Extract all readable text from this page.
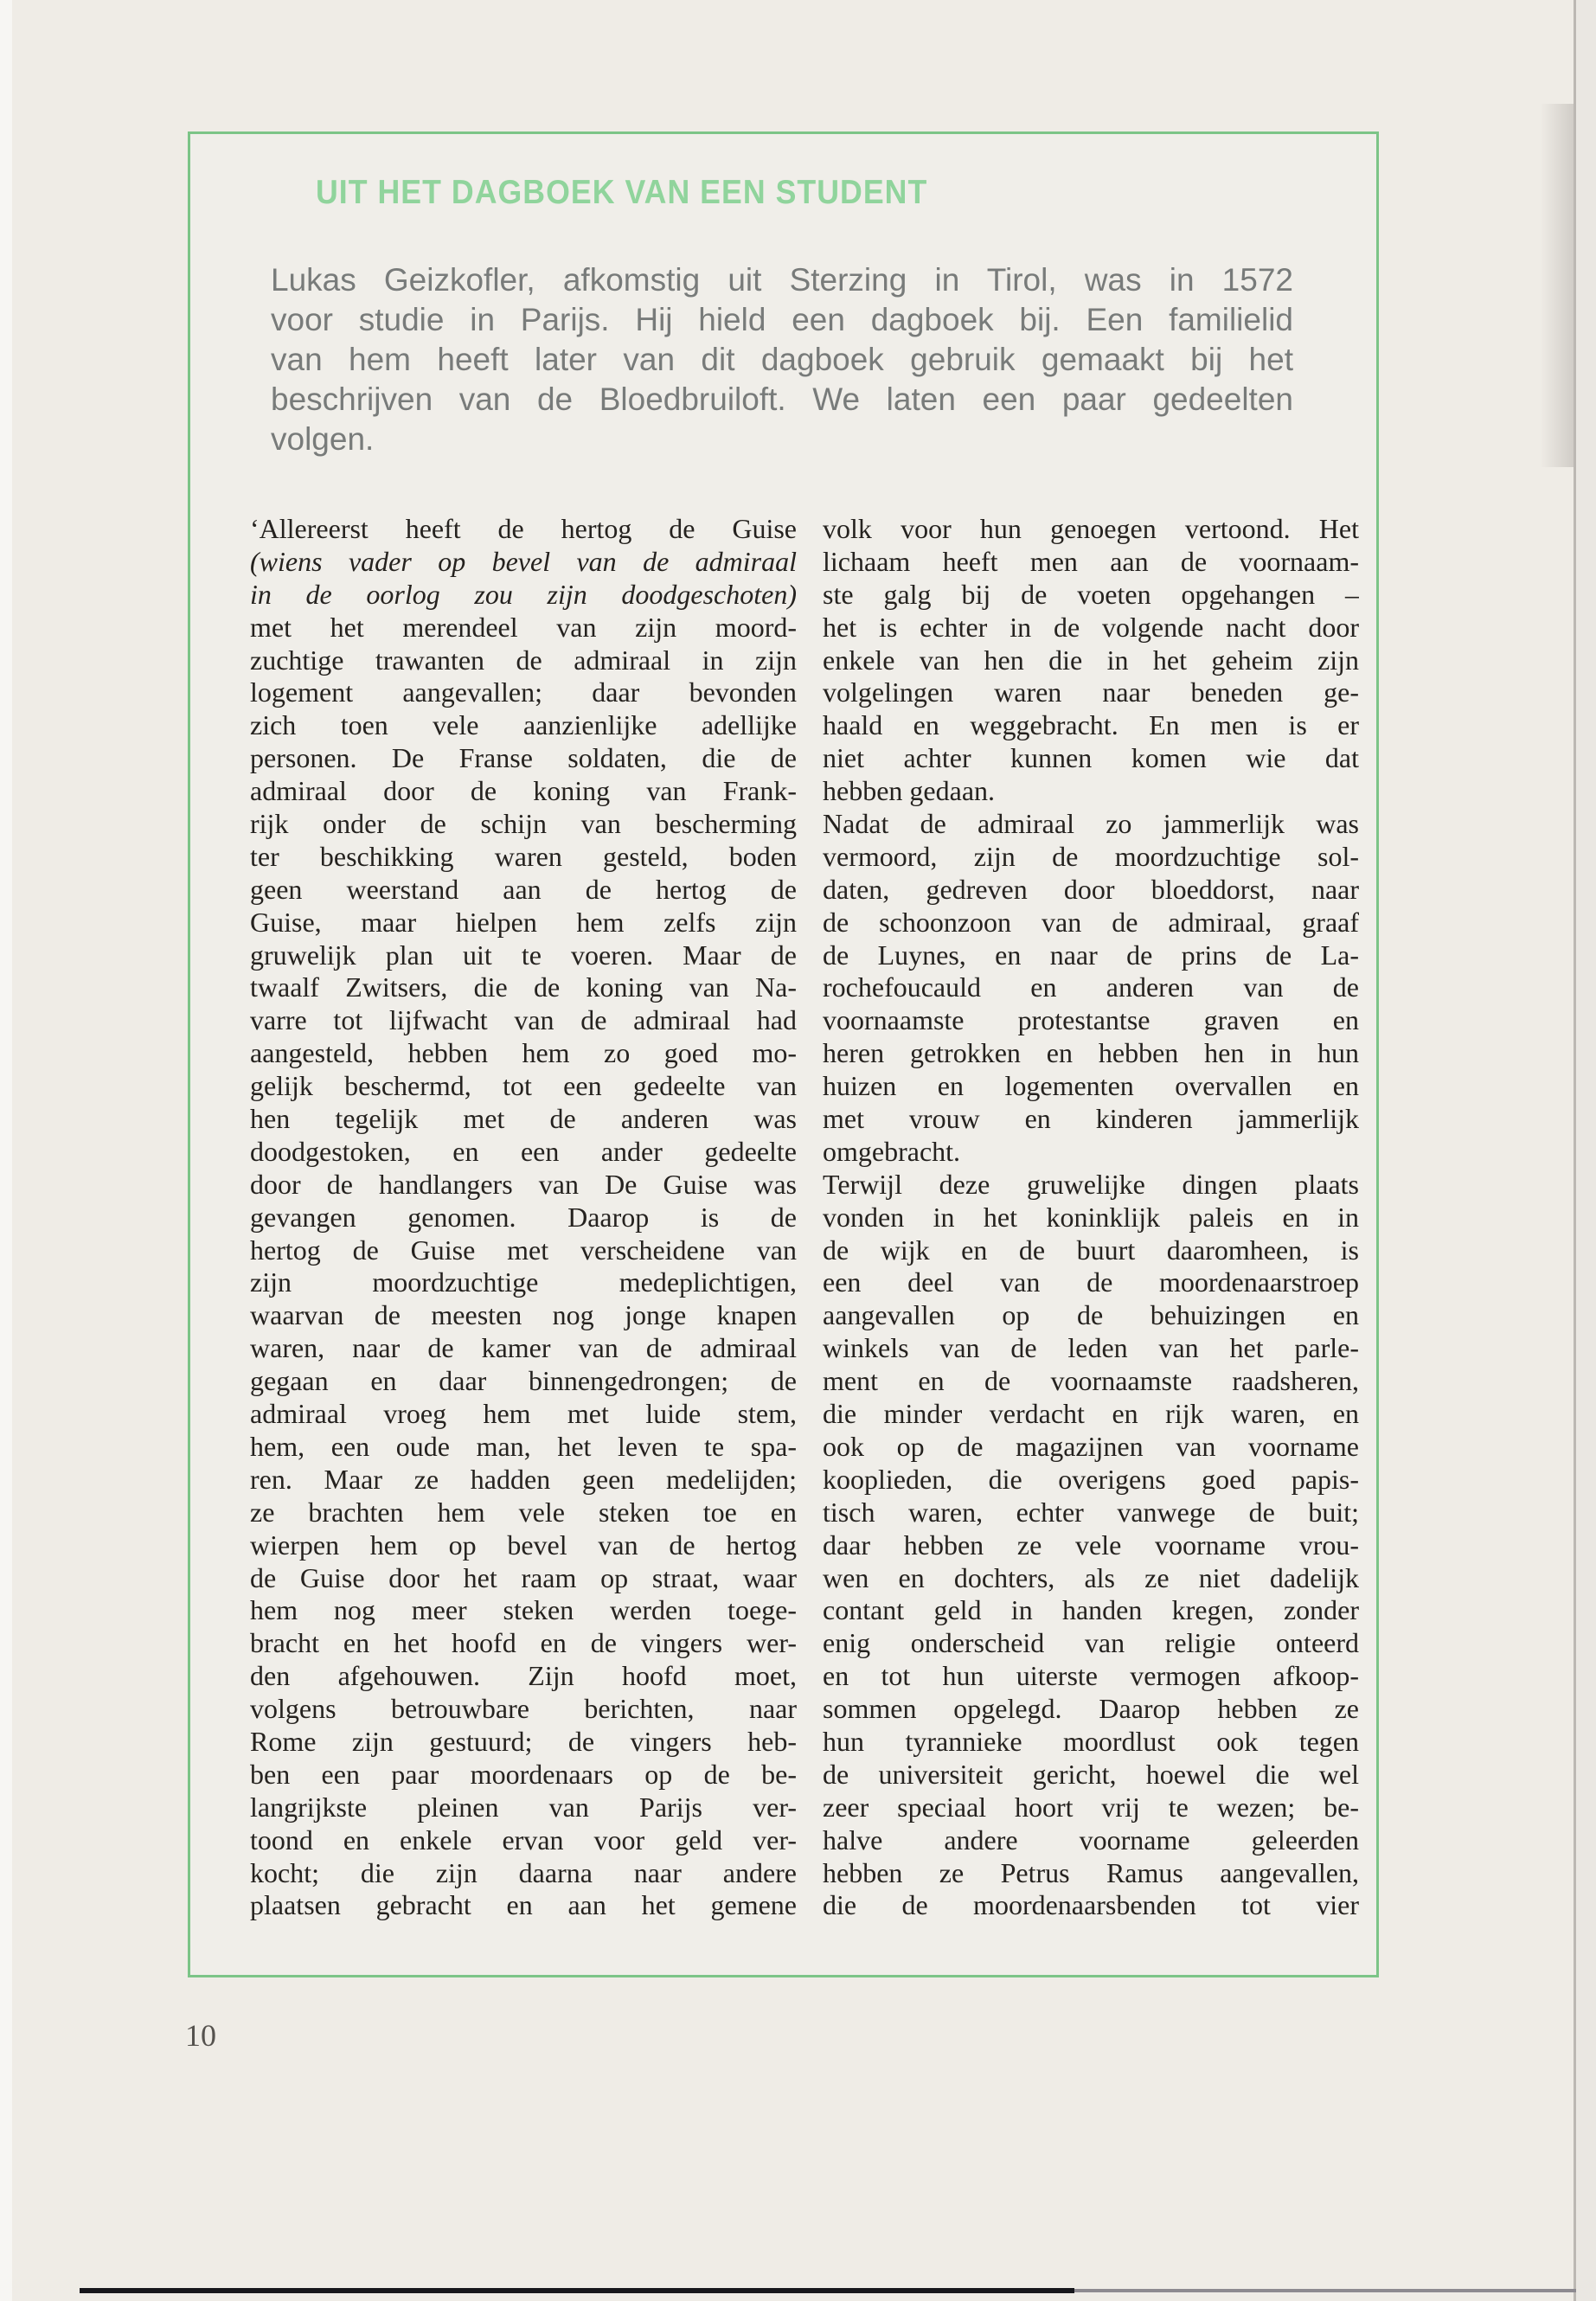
UIT HET DAGBOEK VAN EEN STUDENT
Lukas Geizkofler, afkomstig uit Sterzing in Tirol, was in 1572
voor studie in Parijs. Hij hield een dagboek bij. Een familielid
van hem heeft later van dit dagboek gebruik gemaakt bij het
beschrijven van de Bloedbruiloft. We laten een paar gedeelten
volgen.
‘Allereerst heeft de hertog de Guise
(wiens vader op bevel van de admiraal
in de oorlog zou zijn doodgeschoten)
met het merendeel van zijn moord-
zuchtige trawanten de admiraal in zijn
logement aangevallen; daar bevonden
zich toen vele aanzienlijke adellijke
personen. De Franse soldaten, die de
admiraal door de koning van Frank-
rijk onder de schijn van bescherming
ter beschikking waren gesteld, boden
geen weerstand aan de hertog de
Guise, maar hielpen hem zelfs zijn
gruwelijk plan uit te voeren. Maar de
twaalf Zwitsers, die de koning van Na-
varre tot lijfwacht van de admiraal had
aangesteld, hebben hem zo goed mo-
gelijk beschermd, tot een gedeelte van
hen tegelijk met de anderen was
doodgestoken, en een ander gedeelte
door de handlangers van De Guise was
gevangen genomen. Daarop is de
hertog de Guise met verscheidene van
zijn moordzuchtige medeplichtigen,
waarvan de meesten nog jonge knapen
waren, naar de kamer van de admiraal
gegaan en daar binnengedrongen; de
admiraal vroeg hem met luide stem,
hem, een oude man, het leven te spa-
ren. Maar ze hadden geen medelijden;
ze brachten hem vele steken toe en
wierpen hem op bevel van de hertog
de Guise door het raam op straat, waar
hem nog meer steken werden toege-
bracht en het hoofd en de vingers wer-
den afgehouwen. Zijn hoofd moet,
volgens betrouwbare berichten, naar
Rome zijn gestuurd; de vingers heb-
ben een paar moordenaars op de be-
langrijkste pleinen van Parijs ver-
toond en enkele ervan voor geld ver-
kocht; die zijn daarna naar andere
plaatsen gebracht en aan het gemene
volk voor hun genoegen vertoond. Het
lichaam heeft men aan de voornaam-
ste galg bij de voeten opgehangen –
het is echter in de volgende nacht door
enkele van hen die in het geheim zijn
volgelingen waren naar beneden ge-
haald en weggebracht. En men is er
niet achter kunnen komen wie dat
hebben gedaan.
Nadat de admiraal zo jammerlijk was
vermoord, zijn de moordzuchtige sol-
daten, gedreven door bloeddorst, naar
de schoonzoon van de admiraal, graaf
de Luynes, en naar de prins de La-
rochefoucauld en anderen van de
voornaamste protestantse graven en
heren getrokken en hebben hen in hun
huizen en logementen overvallen en
met vrouw en kinderen jammerlijk
omgebracht.
Terwijl deze gruwelijke dingen plaats
vonden in het koninklijk paleis en in
de wijk en de buurt daaromheen, is
een deel van de moordenaarstroep
aangevallen op de behuizingen en
winkels van de leden van het parle-
ment en de voornaamste raadsheren,
die minder verdacht en rijk waren, en
ook op de magazijnen van voorname
kooplieden, die overigens goed papis-
tisch waren, echter vanwege de buit;
daar hebben ze vele voorname vrou-
wen en dochters, als ze niet dadelijk
contant geld in handen kregen, zonder
enig onderscheid van religie onteerd
en tot hun uiterste vermogen afkoop-
sommen opgelegd. Daarop hebben ze
hun tyrannieke moordlust ook tegen
de universiteit gericht, hoewel die wel
zeer speciaal hoort vrij te wezen; be-
halve andere voorname geleerden
hebben ze Petrus Ramus aangevallen,
die de moordenaarsbenden tot vier
10
